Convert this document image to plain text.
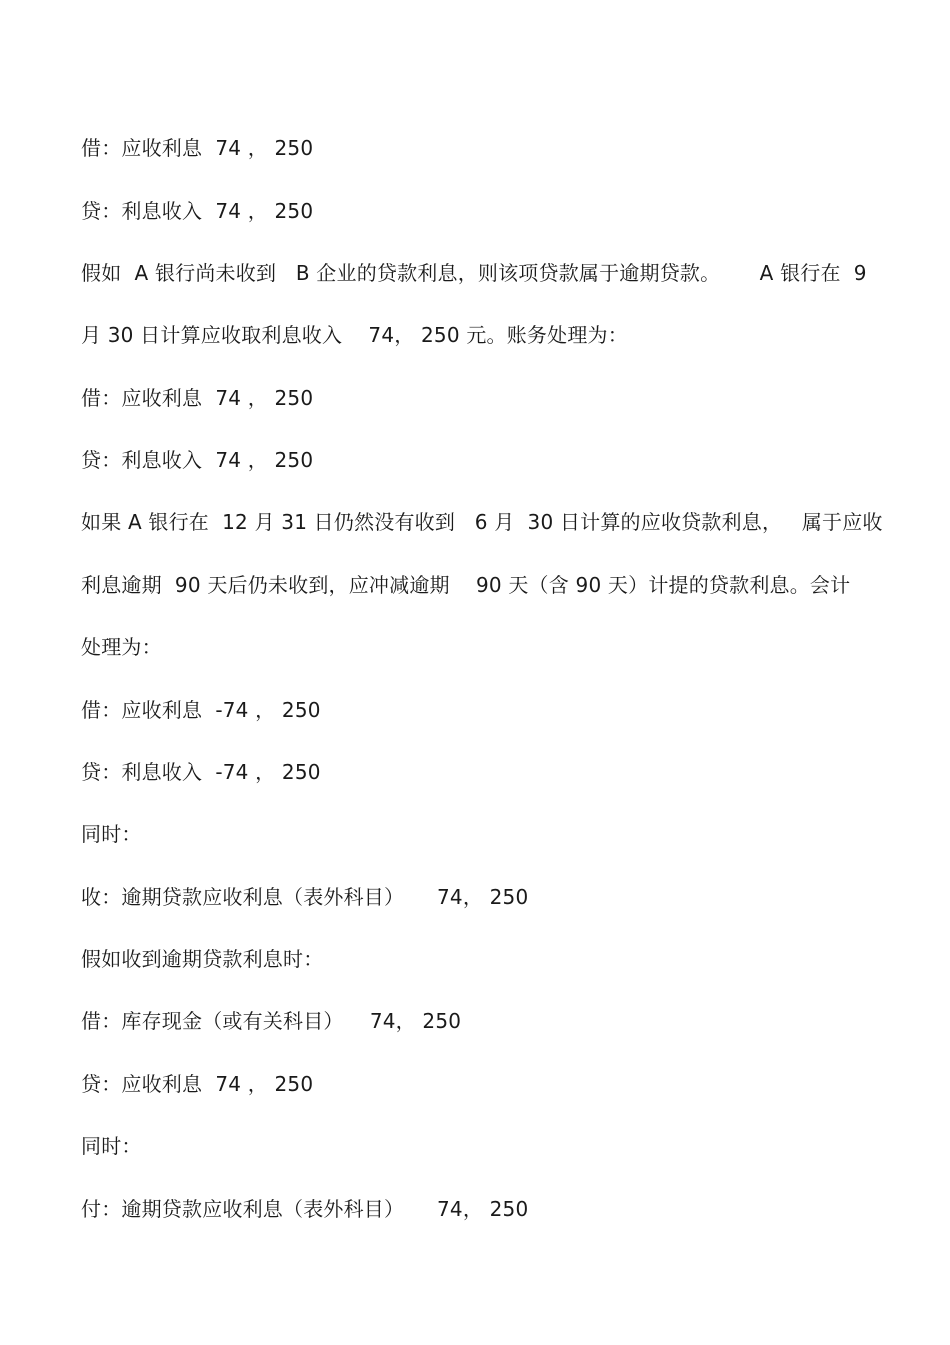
借：应收利息  74 ， 250
贷：利息收入  74 ， 250
假如  A 银行尚未收到   B 企业的贷款利息，则该项贷款属于逾期贷款。      A 银行在  9
月 30 日计算应收取利息收入    74， 250 元。账务处理为：
借：应收利息  74 ， 250
贷：利息收入  74 ， 250
如果 A 银行在  12 月 31 日仍然没有收到   6 月  30 日计算的应收贷款利息，   属于应收
利息逾期  90 天后仍未收到，应冲减逾期    90 天（含 90 天）计提的贷款利息。会计
处理为：
借：应收利息  -74 ， 250
贷：利息收入  -74 ， 250
同时：
收：逾期贷款应收利息（表外科目）     74， 250
假如收到逾期贷款利息时：
借：库存现金（或有关科目）    74， 250
贷：应收利息  74 ， 250
同时：
付：逾期贷款应收利息（表外科目）     74， 250
